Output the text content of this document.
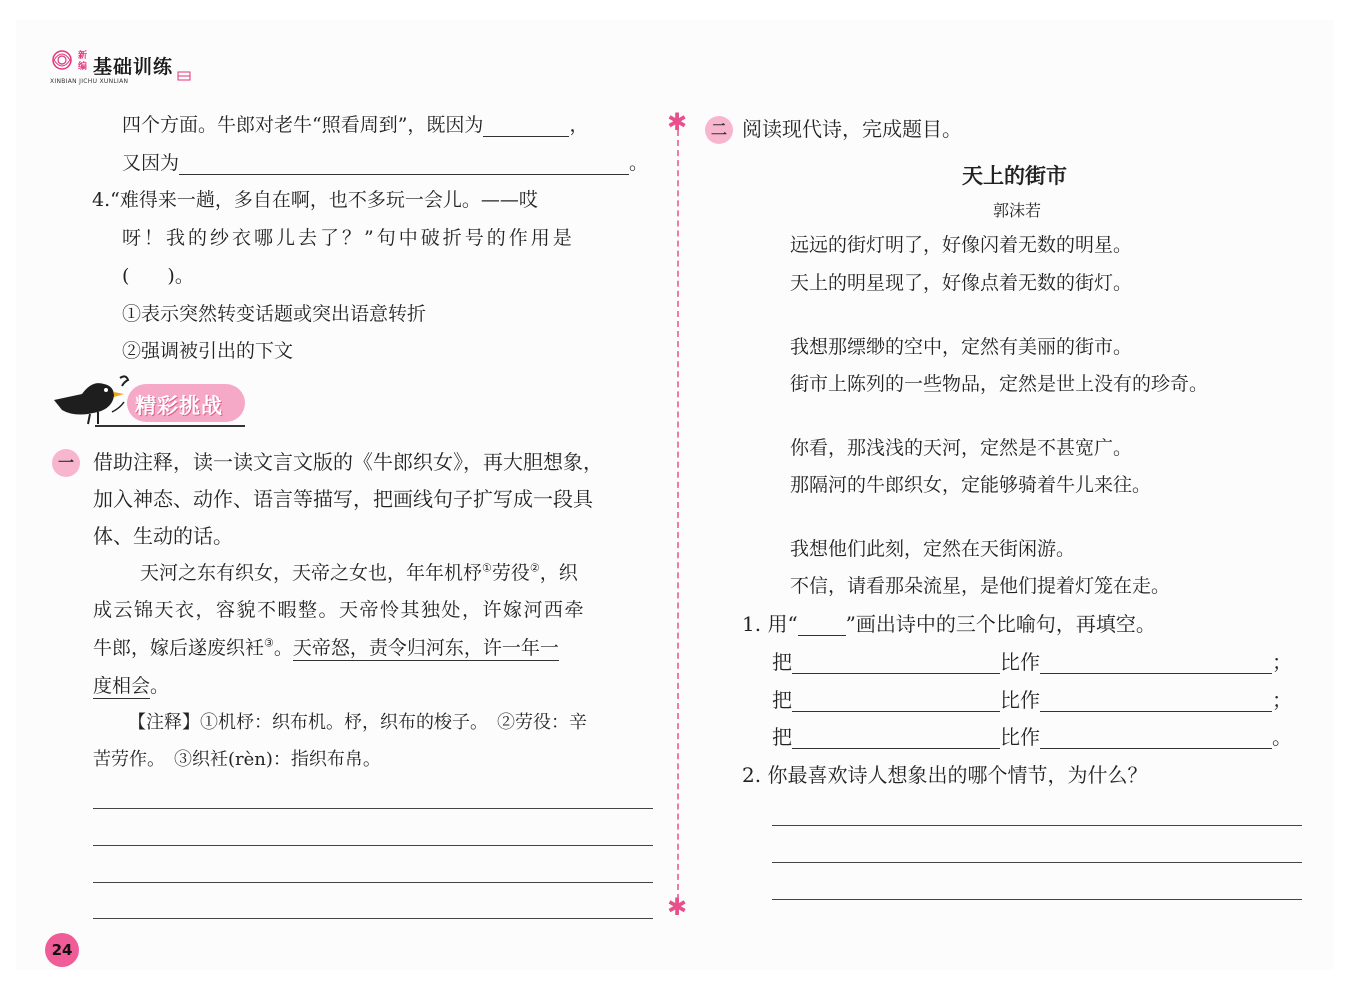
新编 基础训练
XINBIAN JICHU XUNLIAN
四个方面。牛郎对老牛“照看周到”，既因为	，
又因为	。
4.“难得来一趟，多自在啊，也不多玩一会儿。——哎
呀！我的纱衣哪儿去了？”句中破折号的作用是
(　　)。
①表示突然转变话题或突出语意转折
②强调被引出的下文
精彩挑战
一 借助注释，读一读文言文版的《牛郎织女》，再大胆想象，
加入神态、动作、语言等描写，把画线句子扩写成一段具
体、生动的话。
天河之东有织女，天帝之女也，年年机杼①劳役②，织
成云锦天衣，容貌不暇整。天帝怜其独处，许嫁河西牵
牛郎，嫁后遂废织衽③。天帝怒，责令归河东，许一年一
度相会。
【注释】①机杼：织布机。杼，织布的梭子。　②劳役：辛
苦劳作。　③织衽(rèn)：指织布帛。
✱
✱
二 阅读现代诗，完成题目。
天上的街市
郭沫若
远远的街灯明了，好像闪着无数的明星。
天上的明星现了，好像点着无数的街灯。
我想那缥缈的空中，定然有美丽的街市。
街市上陈列的一些物品，定然是世上没有的珍奇。
你看，那浅浅的天河，定然是不甚宽广。
那隔河的牛郎织女，定能够骑着牛儿来往。
我想他们此刻，定然在天街闲游。
不信，请看那朵流星，是他们提着灯笼在走。
1. 用“ ”画出诗中的三个比喻句，再填空。
把	比作	；
把	比作	；
把	比作	。
2. 你最喜欢诗人想象出的哪个情节，为什么？
24
